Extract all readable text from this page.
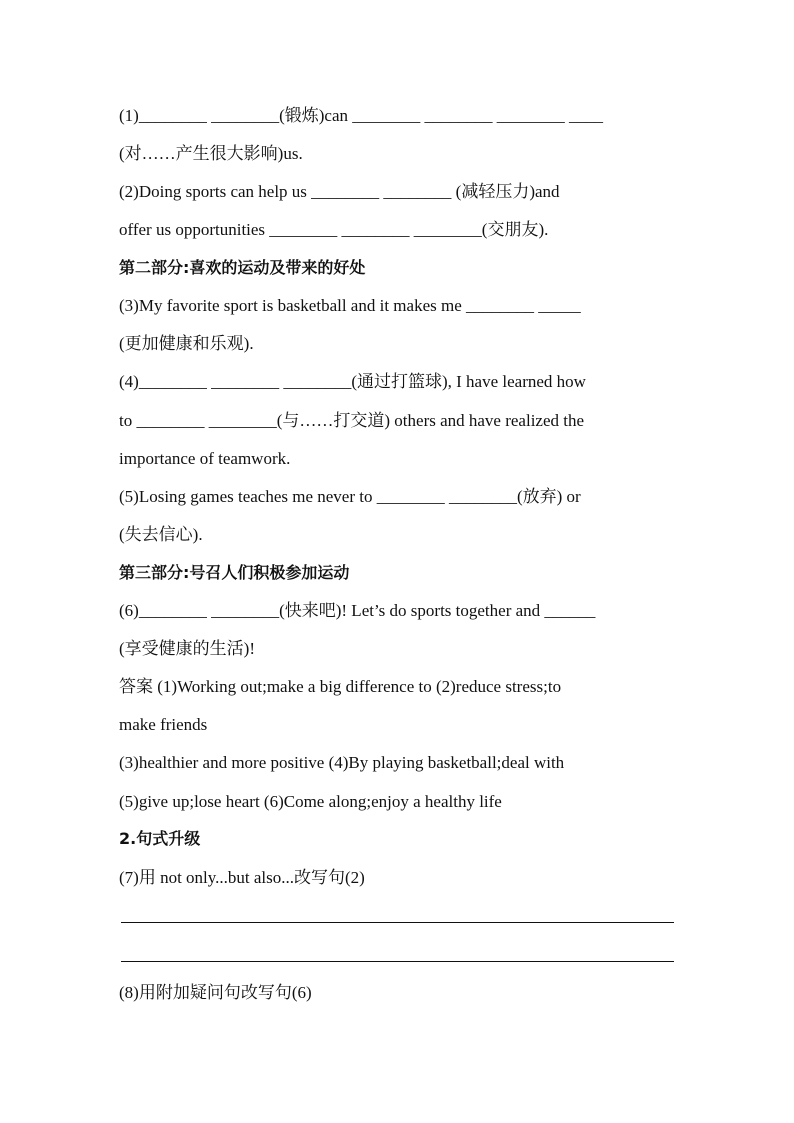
(1)________ ________(锻炼)can ________ ________ ________ ____
(对……产生很大影响)us.
(2)Doing sports can help us ________ ________ (减轻压力)and
offer us opportunities ________ ________ ________(交朋友).
第二部分:喜欢的运动及带来的好处
(3)My favorite sport is basketball and it makes me ________ _____
(更加健康和乐观).
(4)________ ________ ________(通过打篮球), I have learned how
to ________ ________(与……打交道) others and have realized the
importance of teamwork.
(5)Losing games teaches me never to ________ ________(放弃) or
(失去信心).
第三部分:号召人们积极参加运动
(6)________ ________(快来吧)! Let’s do sports together and ______
(享受健康的生活)!
答案 (1)Working out;make a big difference to (2)reduce stress;to
make friends
(3)healthier and more positive (4)By playing basketball;deal with
(5)give up;lose heart (6)Come along;enjoy a healthy life
2.句式升级
(7)用 not only...but also...改写句(2)
(8)用附加疑问句改写句(6)
